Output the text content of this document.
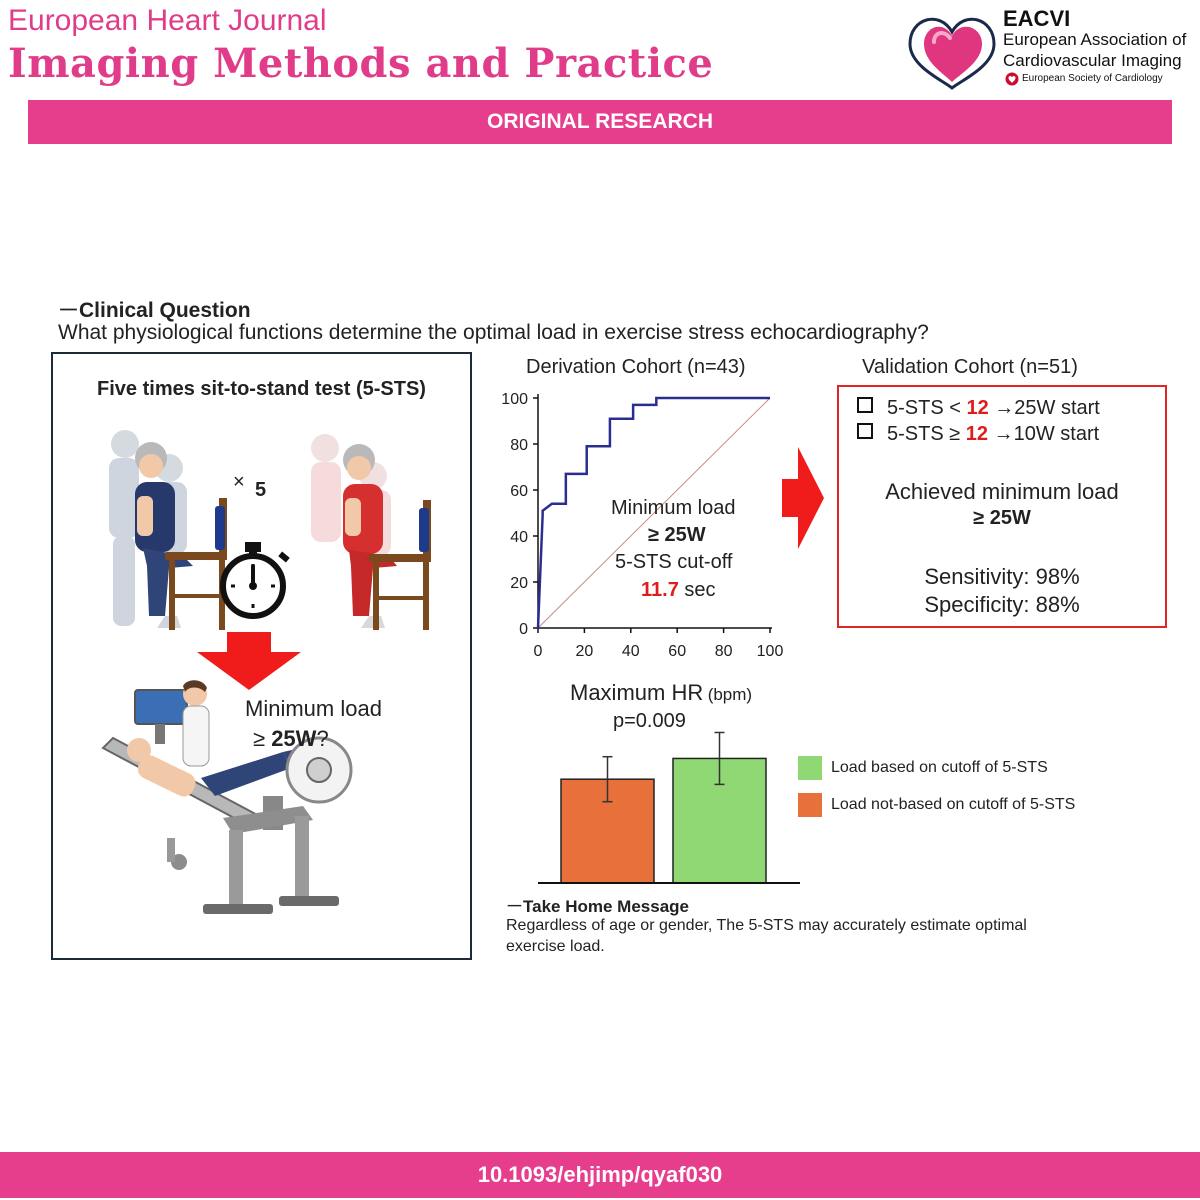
European Heart Journal
Imaging Methods and Practice
EACVI
European Association of
Cardiovascular Imaging
European Society of Cardiology
ORIGINAL RESEARCH
－Clinical Question
What physiological functions determine the optimal load in exercise stress echocardiography?
Five times sit-to-stand test (5-STS)
× 5
Minimum load
≥ 25W?
Derivation Cohort (n=43)
0
20
40
60
80
100
0 20 40 60 80 100
Minimum load
≥ 25W
5-STS cut-off
11.7 sec
Validation Cohort (n=51)
5-STS < 12 →25W start
5-STS ≥ 12 →10W start
Achieved minimum load
≥ 25W
Sensitivity: 98%
Specificity: 88%
Maximum HR (bpm)
p=0.009
Load based on cutoff of 5-STS
Load not-based on cutoff of 5-STS
－Take Home Message
Regardless of age or gender, The 5-STS may accurately estimate optimal
exercise load.
10.1093/ehjimp/qyaf030
